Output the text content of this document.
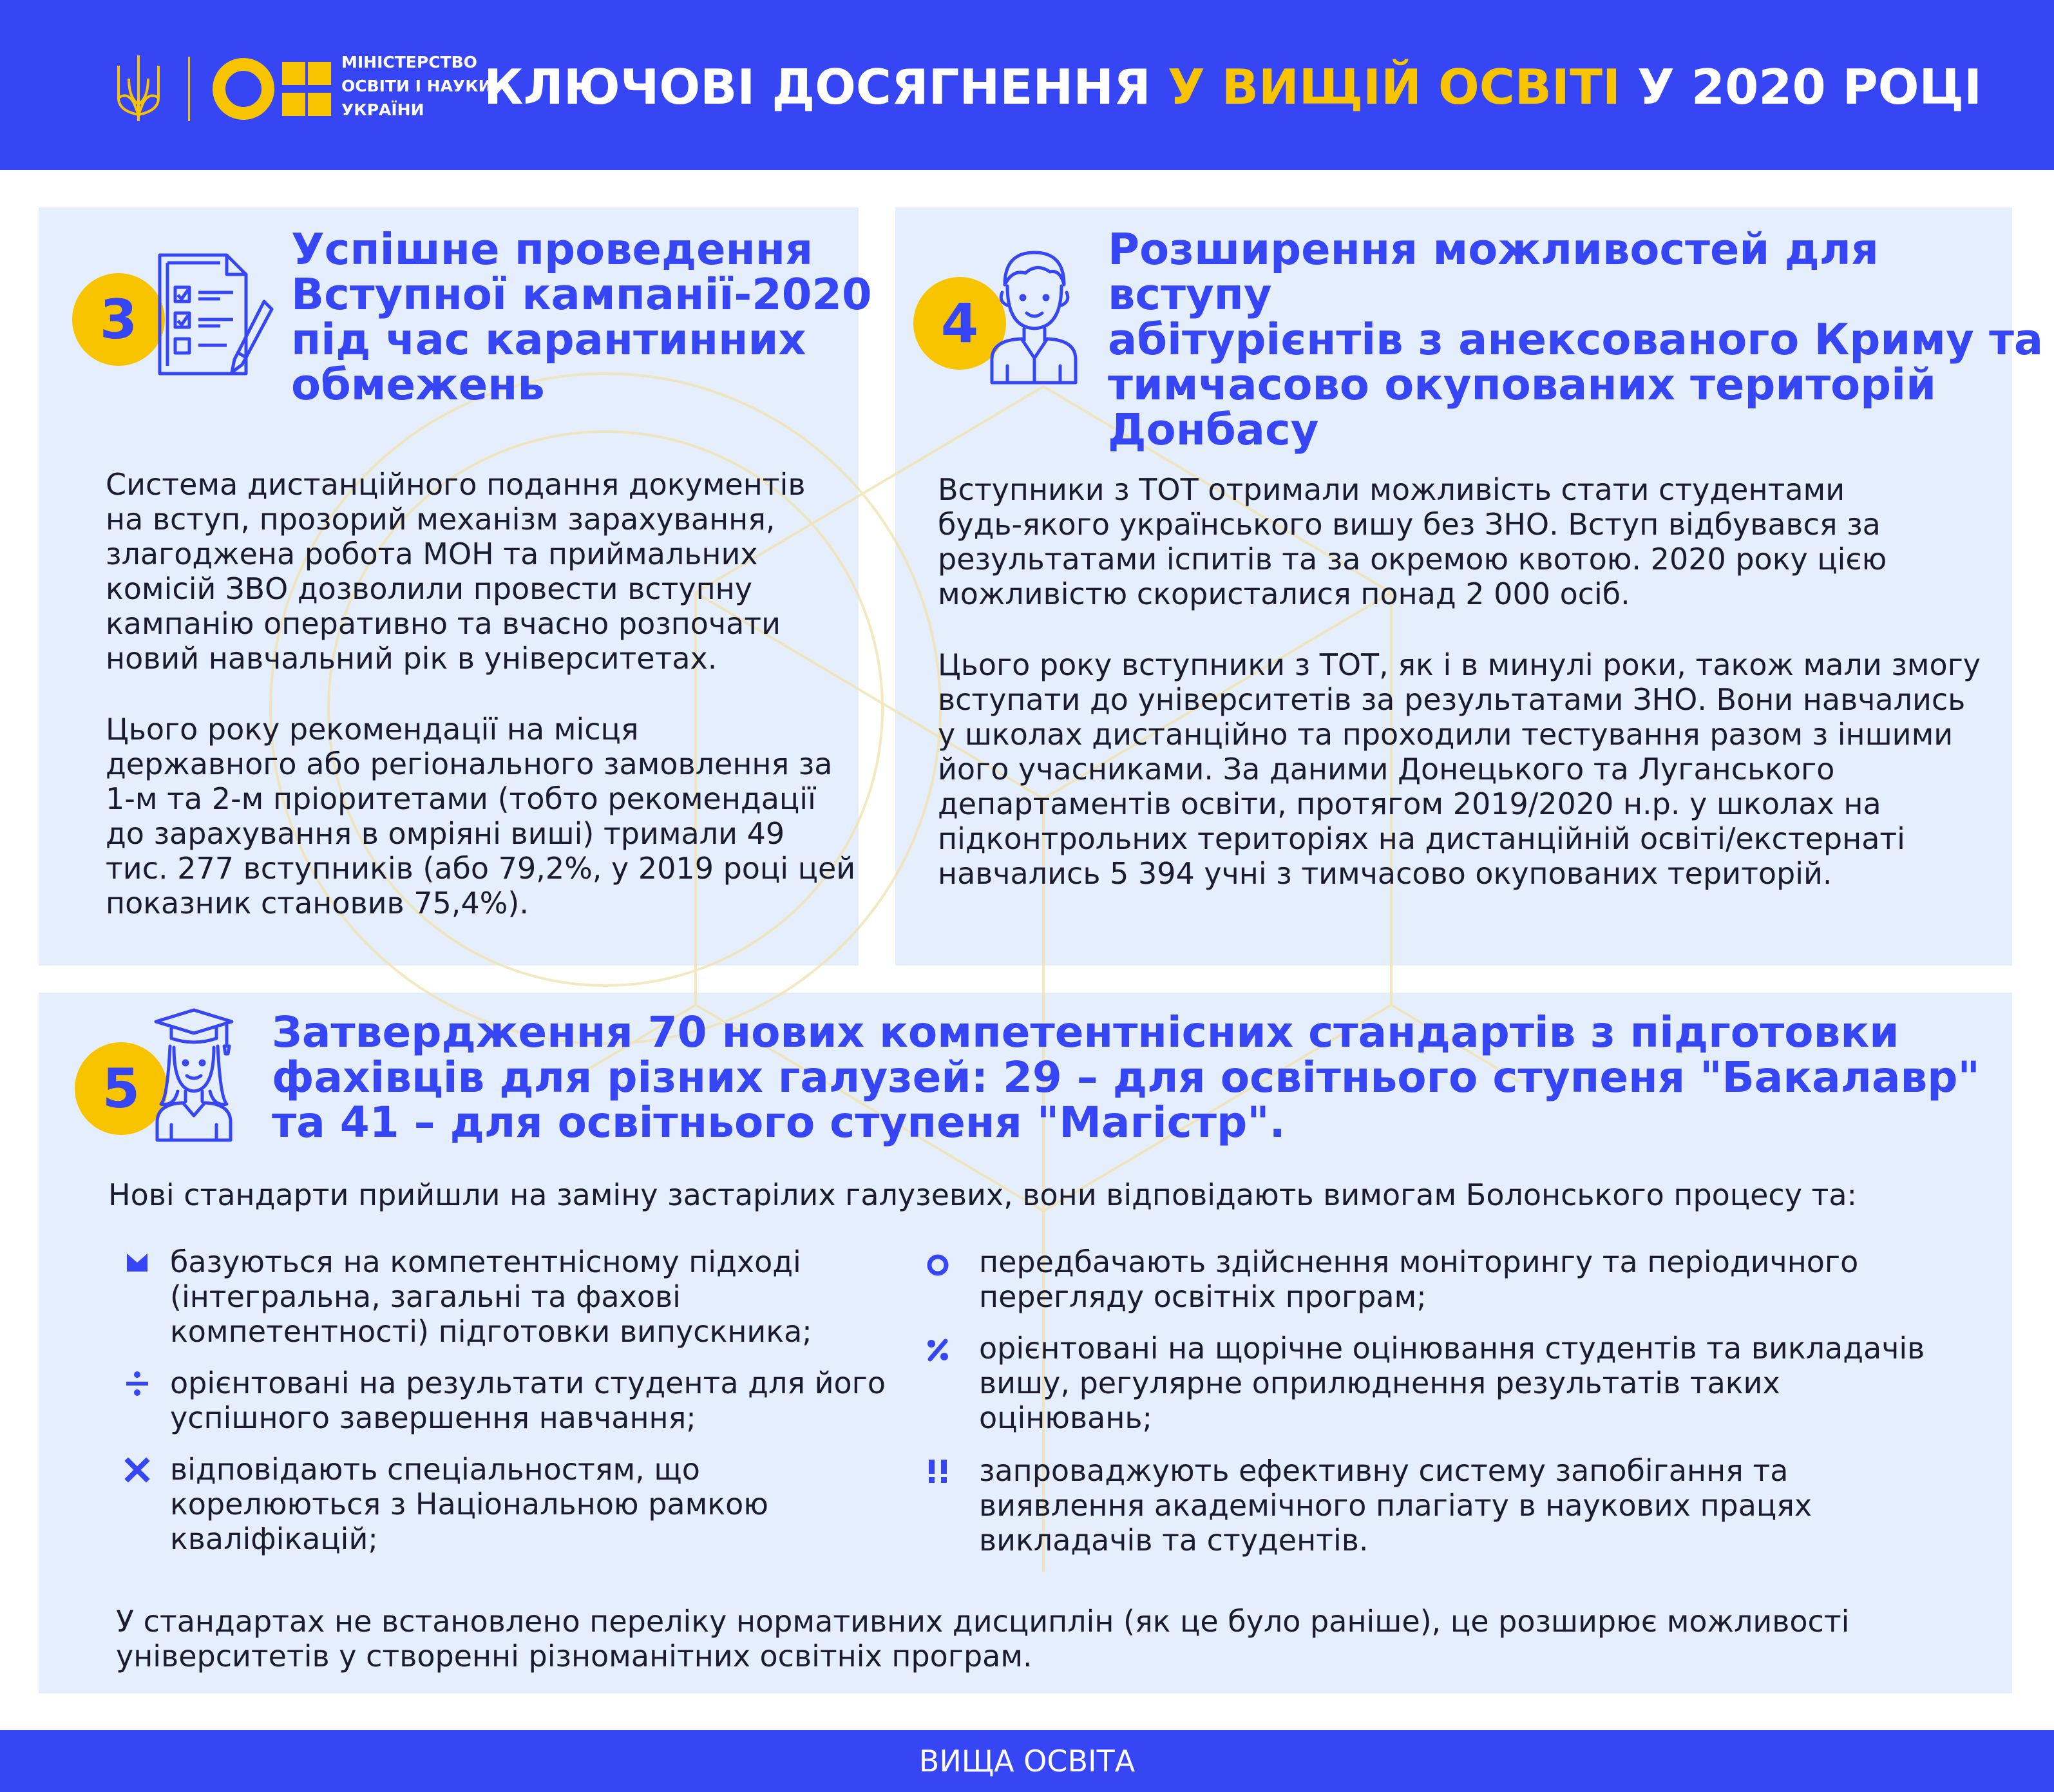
МІНІСТЕРСТВО
ОСВІТИ І НАУКИ
УКРАЇНИ	КЛЮЧОВІ ДОСЯГНЕННЯ У ВИЩІЙ ОСВІТІ У 2020 РОЦІ
3
Успішне проведення
Вступної кампанії-2020
під час карантинних
обмежень
Система дистанційного подання документів
на вступ, прозорий механізм зарахування,
злагоджена робота МОН та приймальних
комісій ЗВО дозволили провести вступну
кампанію оперативно та вчасно розпочати
новий навчальний рік в університетах.
Цього року рекомендації на місця
державного або регіонального замовлення за
1-м та 2-м пріоритетами (тобто рекомендації
до зарахування в омріяні виші) тримали 49
тис. 277 вступників (або 79,2%, у 2019 році цей
показник становив 75,4%).
4
Розширення можливостей для вступу
абітурієнтів з анексованого Криму та
тимчасово окупованих територій
Донбасу
Вступники з ТОТ отримали можливість стати студентами
будь-якого українського вишу без ЗНО. Вступ відбувався за
результатами іспитів та за окремою квотою. 2020 року цією
можливістю скористалися понад 2 000 осіб.
Цього року вступники з ТОТ, як і в минулі роки, також мали змогу
вступати до університетів за результатами ЗНО. Вони навчались
у школах дистанційно та проходили тестування разом з іншими
його учасниками. За даними Донецького та Луганського
департаментів освіти, протягом 2019/2020 н.р. у школах на
підконтрольних територіях на дистанційній освіті/екстернаті
навчались 5 394 учні з тимчасово окупованих територій.
5
Затвердження 70 нових компетентнісних стандартів з підготовки
фахівців для різних галузей: 29 – для освітнього ступеня "Бакалавр"
та 41 – для освітнього ступеня "Магістр".
Нові стандарти прийшли на заміну застарілих галузевих, вони відповідають вимогам Болонського процесу та:
базуються на компетентнісному підході
(інтегральна, загальні та фахові
компетентності) підготовки випускника;
орієнтовані на результати студента для його
успішного завершення навчання;
відповідають спеціальностям, що
корелюються з Національною рамкою
кваліфікацій;
передбачають здійснення моніторингу та періодичного
перегляду освітніх програм;
орієнтовані на щорічне оцінювання студентів та викладачів
вишу, регулярне оприлюднення результатів таких
оцінювань;
запроваджують ефективну систему запобігання та
виявлення академічного плагіату в наукових працях
викладачів та студентів.
У стандартах не встановлено переліку нормативних дисциплін (як це було раніше), це розширює можливості
університетів у створенні різноманітних освітніх програм.
ВИЩА ОСВІТА
